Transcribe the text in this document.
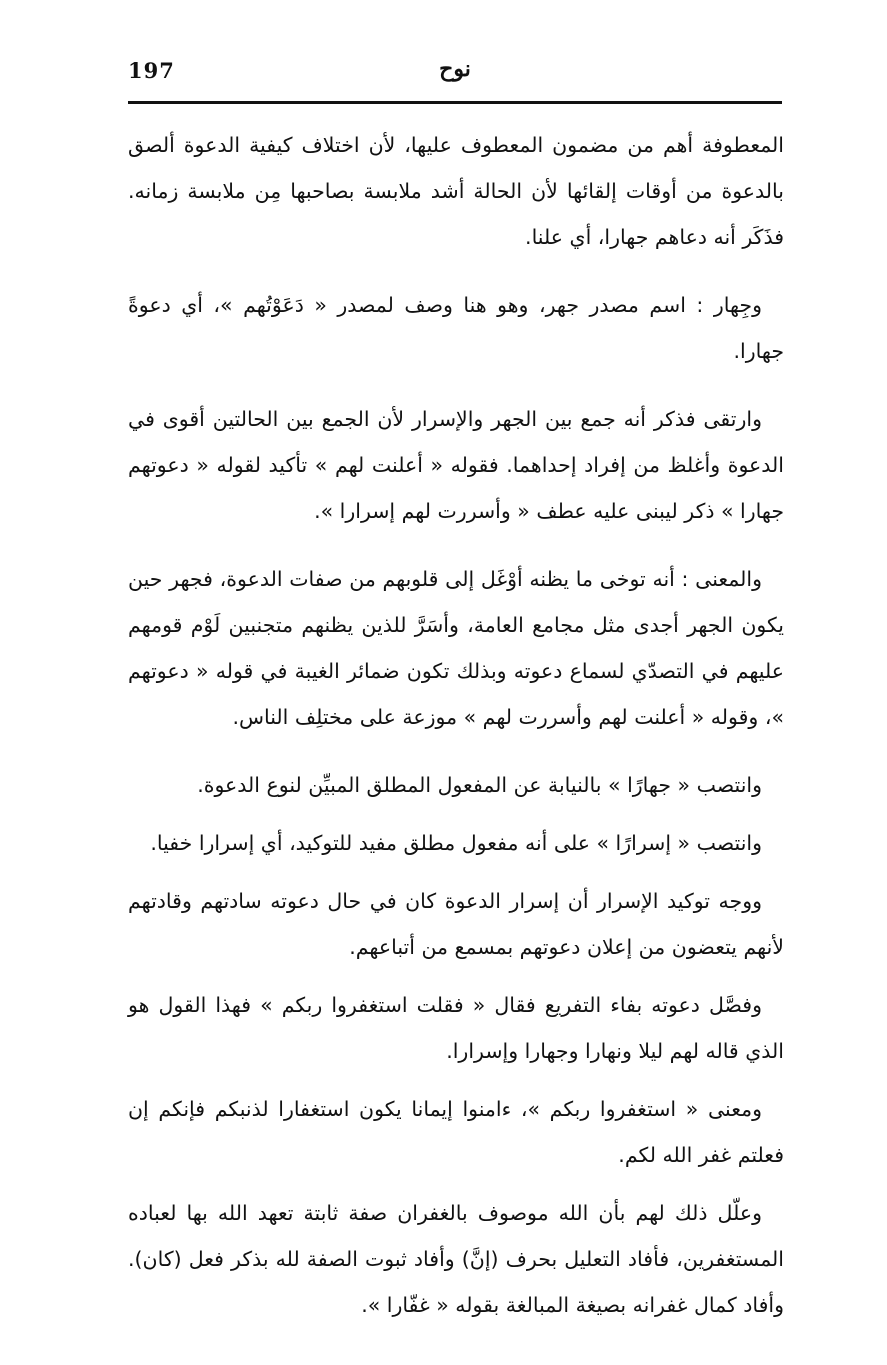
197	نوح

المعطوفة أهم من مضمون المعطوف عليها، لأن اختلاف كيفية الدعوة ألصق بالدعوة من أوقات إلقائها لأن الحالة أشد ملابسة بصاحبها مِن ملابسة زمانه. فذَكَر أنه دعاهم جهارا، أي علنا.

وجِهار : اسم مصدر جهر، وهو هنا وصف لمصدر « دَعَوْتُهم »، أي دعوةً جهارا.

وارتقى فذكر أنه جمع بين الجهر والإسرار لأن الجمع بين الحالتين أقوى في الدعوة وأغلظ من إفراد إحداهما. فقوله « أعلنت لهم » تأكيد لقوله « دعوتهم جهارا » ذكر ليبنى عليه عطف « وأسررت لهم إسرارا ».

والمعنى : أنه توخى ما يظنه أوْغَل إلى قلوبهم من صفات الدعوة، فجهر حين يكون الجهر أجدى مثل مجامع العامة، وأسَرَّ للذين يظنهم متجنبين لَوْم قومهم عليهم في التصدّي لسماع دعوته وبذلك تكون ضمائر الغيبة في قوله « دعوتهم »، وقوله « أعلنت لهم وأسررت لهم » موزعة على مختلِف الناس.

وانتصب « جهارًا » بالنيابة عن المفعول المطلق المبيِّن لنوع الدعوة.

وانتصب « إسرارًا » على أنه مفعول مطلق مفيد للتوكيد، أي إسرارا خفيا.

ووجه توكيد الإسرار أن إسرار الدعوة كان في حال دعوته سادتهم وقادتهم لأنهم يتعضون من إعلان دعوتهم بمسمع من أتباعهم.

وفصَّل دعوته بفاء التفريع فقال « فقلت استغفروا ربكم » فهذا القول هو الذي قاله لهم ليلا ونهارا وجهارا وإسرارا.

ومعنى « استغفروا ربكم »، ءامنوا إيمانا يكون استغفارا لذنبكم فإنكم إن فعلتم غفر الله لكم.

وعلّل ذلك لهم بأن الله موصوف بالغفران صفة ثابتة تعهد الله بها لعباده المستغفرين، فأفاد التعليل بحرف (إنَّ) وأفاد ثبوت الصفة لله بذكر فعل (كان). وأفاد كمال غفرانه بصيغة المبالغة بقوله « غفّارا ».
